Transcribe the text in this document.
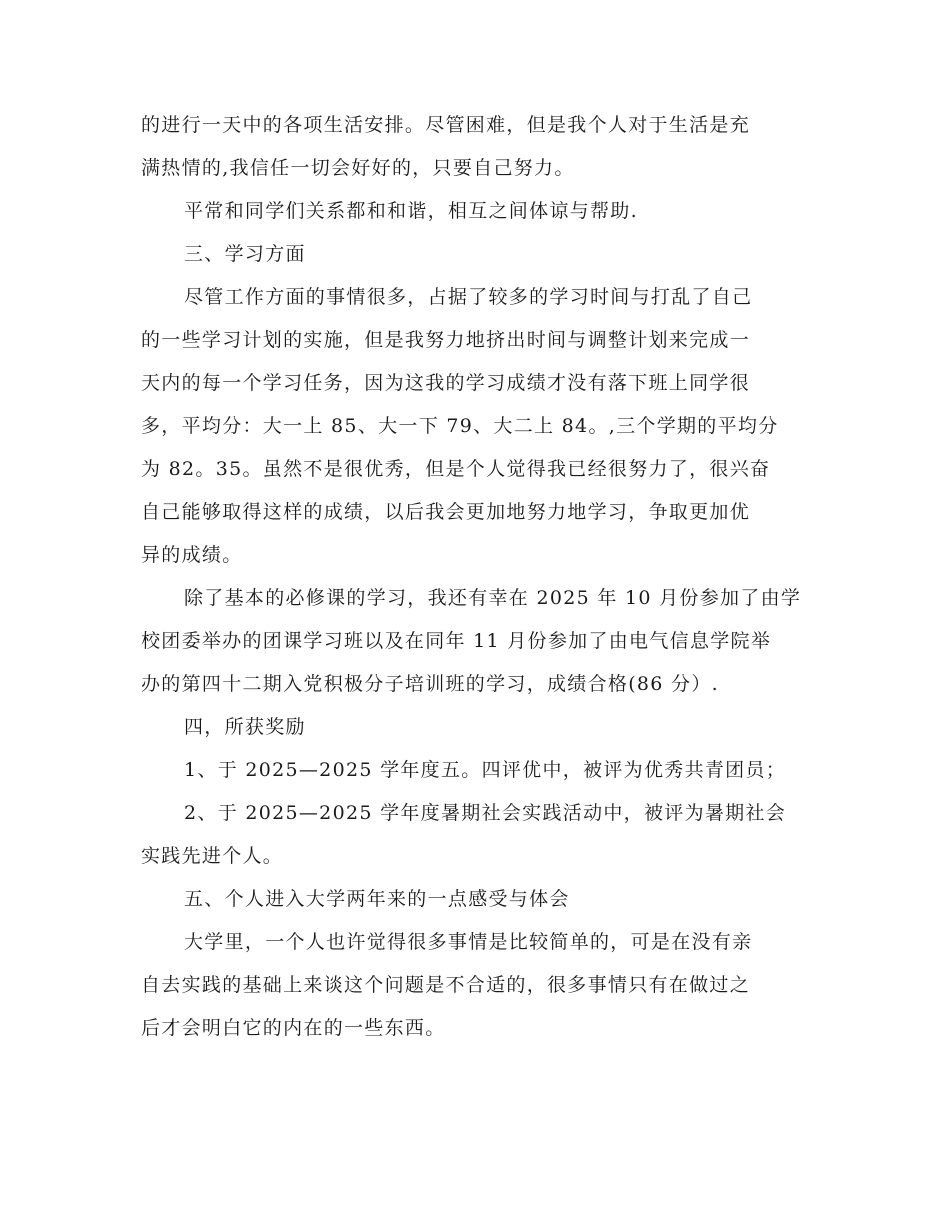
的进行一天中的各项生活安排。尽管困难，但是我个人对于生活是充
满热情的,我信任一切会好好的，只要自己努力。
平常和同学们关系都和和谐，相互之间体谅与帮助.
三、学习方面
尽管工作方面的事情很多，占据了较多的学习时间与打乱了自己
的一些学习计划的实施，但是我努力地挤出时间与调整计划来完成一
天内的每一个学习任务，因为这我的学习成绩才没有落下班上同学很
多，平均分：大一上 85、大一下 79、大二上 84。,三个学期的平均分
为 82。35。虽然不是很优秀，但是个人觉得我已经很努力了，很兴奋
自己能够取得这样的成绩，以后我会更加地努力地学习，争取更加优
异的成绩。
除了基本的必修课的学习，我还有幸在 2025 年 10 月份参加了由学
校团委举办的团课学习班以及在同年 11 月份参加了由电气信息学院举
办的第四十二期入党积极分子培训班的学习，成绩合格(86 分）.
四，所获奖励
1、于 2025—2025 学年度五。四评优中，被评为优秀共青团员；
2、于 2025—2025 学年度暑期社会实践活动中，被评为暑期社会
实践先进个人。
五、个人进入大学两年来的一点感受与体会
大学里，一个人也许觉得很多事情是比较简单的，可是在没有亲
自去实践的基础上来谈这个问题是不合适的，很多事情只有在做过之
后才会明白它的内在的一些东西。
